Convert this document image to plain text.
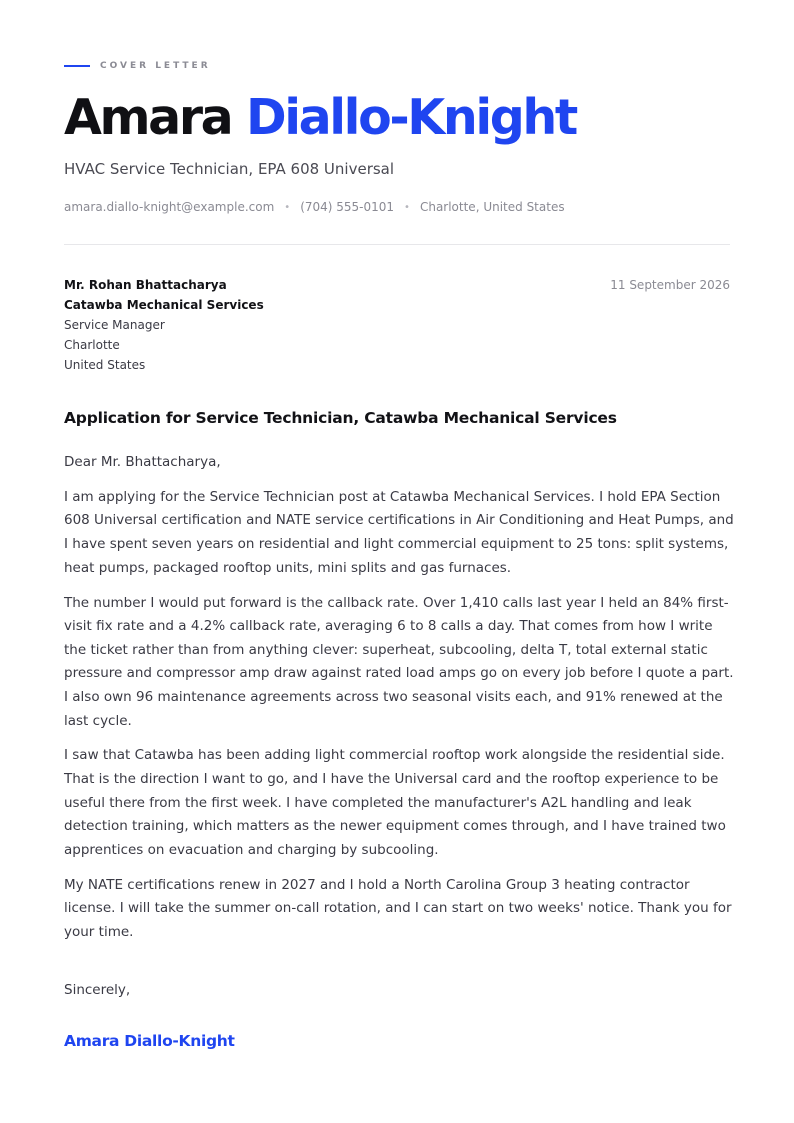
COVER LETTER
Amara Diallo-Knight
HVAC Service Technician, EPA 608 Universal
amara.diallo-knight@example.com • (704) 555-0101 • Charlotte, United States
Mr. Rohan Bhattacharya
Catawba Mechanical Services
Service Manager
Charlotte
United States
11 September 2026
Application for Service Technician, Catawba Mechanical Services

Dear Mr. Bhattacharya,

I am applying for the Service Technician post at Catawba Mechanical Services. I hold EPA Section 608 Universal certification and NATE service certifications in Air Conditioning and Heat Pumps, and I have spent seven years on residential and light commercial equipment to 25 tons: split systems, heat pumps, packaged rooftop units, mini splits and gas furnaces.

The number I would put forward is the callback rate. Over 1,410 calls last year I held an 84% first-visit fix rate and a 4.2% callback rate, averaging 6 to 8 calls a day. That comes from how I write the ticket rather than from anything clever: superheat, subcooling, delta T, total external static pressure and compressor amp draw against rated load amps go on every job before I quote a part. I also own 96 maintenance agreements across two seasonal visits each, and 91% renewed at the last cycle.

I saw that Catawba has been adding light commercial rooftop work alongside the residential side. That is the direction I want to go, and I have the Universal card and the rooftop experience to be useful there from the first week. I have completed the manufacturer's A2L handling and leak detection training, which matters as the newer equipment comes through, and I have trained two apprentices on evacuation and charging by subcooling.

My NATE certifications renew in 2027 and I hold a North Carolina Group 3 heating contractor license. I will take the summer on-call rotation, and I can start on two weeks' notice. Thank you for your time.

Sincerely,
Amara Diallo-Knight
